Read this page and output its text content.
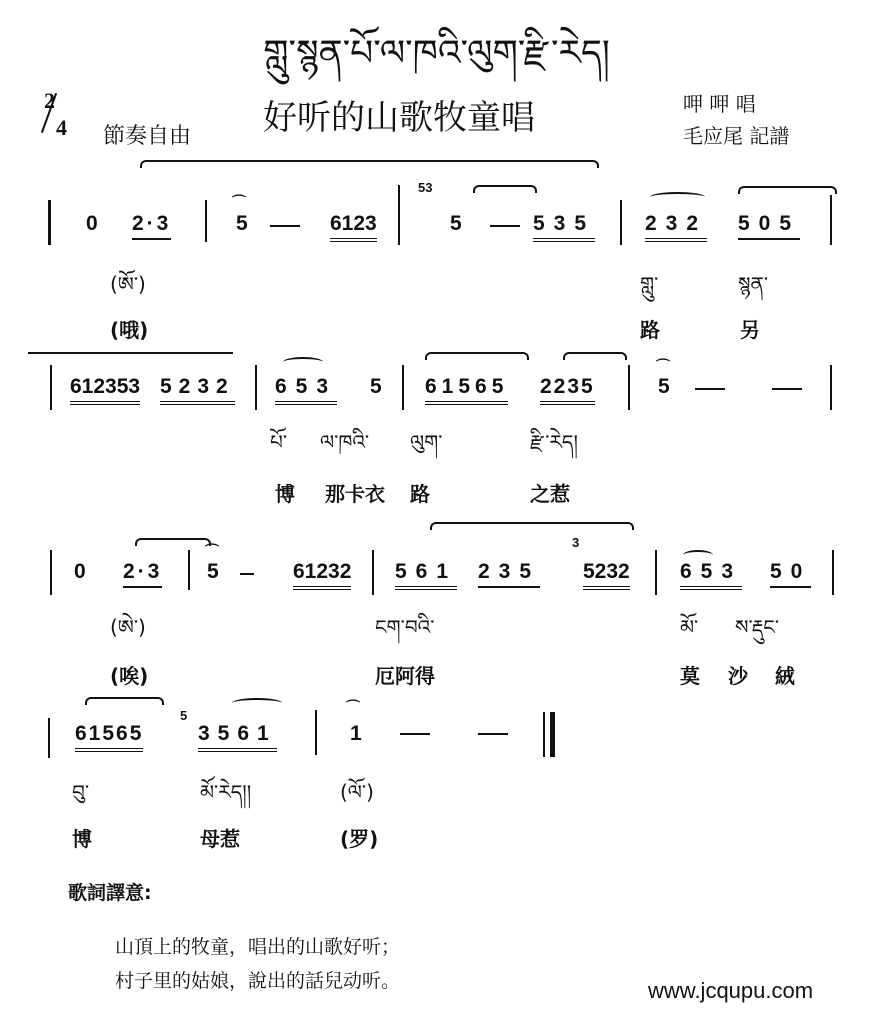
གླུ་སྙན་པོ་ལ་ཁའི་ལུག་རྫི་རེད།
2
4 節奏自由 好听的山歌牧童唱	呷 呷 唱
毛应尾 記譜
0 2·3
⌒
5	6123
53
5	535 232 505
(ཨོ་)	གླུ་	སྙན་
(哦)	路	另
612353 5232 653 5 61565 2235
⌒
5
པོ་ ལ་ཁའི་ ལུག་	རྫི་རེད།
博 那卡衣 路	之惹
0 2·3
⌒
5	61232 561 235
3
5232 653 50
(ཨེ་)	ངག་བའི་	མོ་ ས་རྡུང་
(唉)	厄阿得	莫 沙 絨
61565
5
3561
⌒
1
བུ་	མོ་རེད།།	(ལོ་)
博	母惹	(罗)
歌詞譯意:
山頂上的牧童，唱出的山歌好听；
村子里的姑娘，說出的話兒动听。	www.jcqupu.com
